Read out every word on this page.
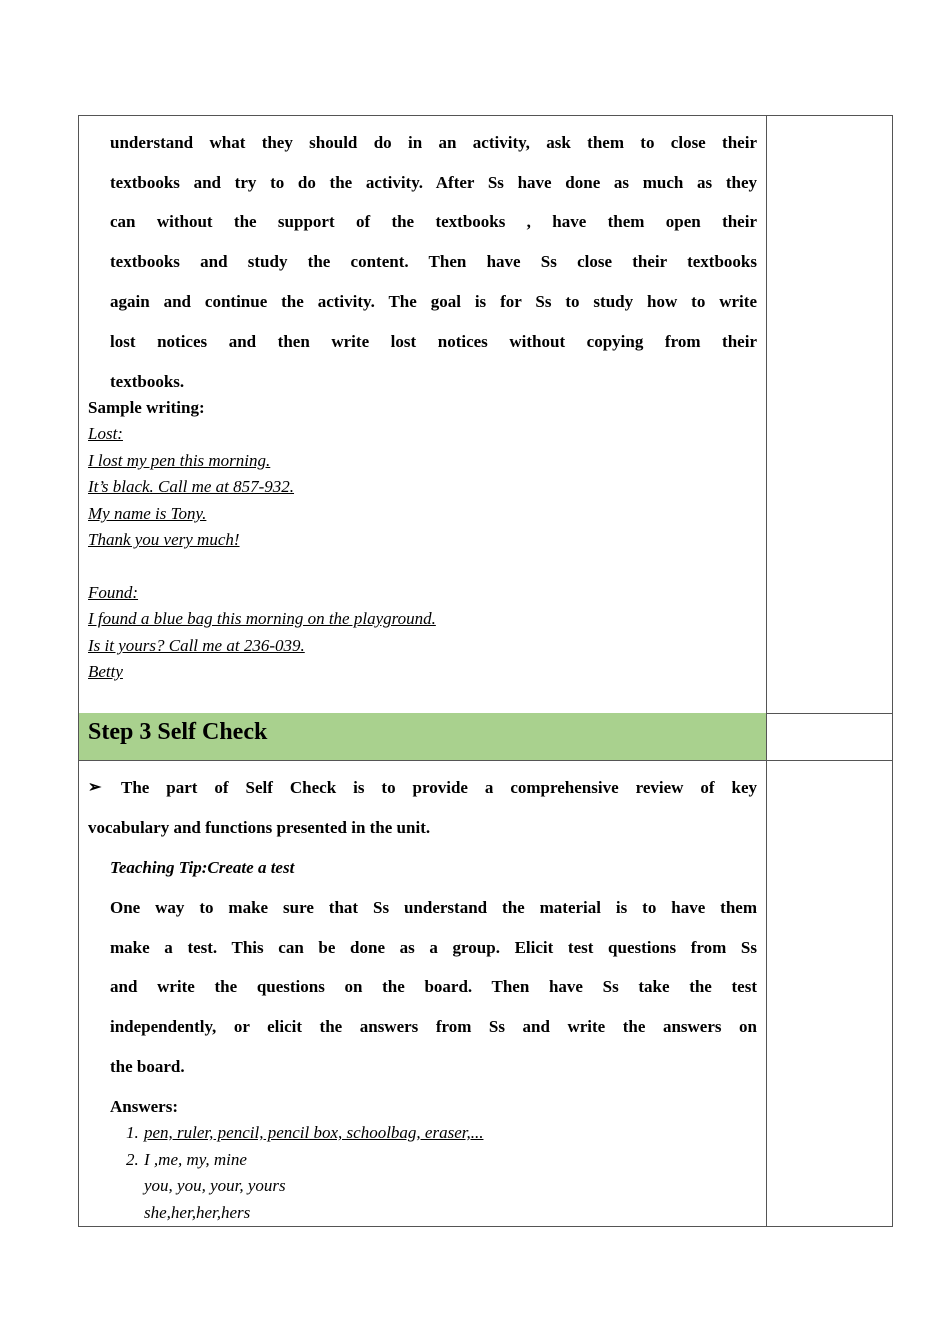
understand what they should do in an activity, ask them to close their
textbooks and try to do the activity. After Ss have done as much as they
can without the support of the textbooks , have them open their
textbooks and study the content. Then have Ss close their textbooks
again and continue the activity. The goal is for Ss to study how to write
lost notices and then write lost notices without copying from their
textbooks.
Sample writing:
Lost:
I lost my pen this morning.
It’s black. Call me at 857-932.
My name is Tony.
Thank you very much!
Found:
I found a blue bag this morning on the playground.
Is it yours? Call me at 236-039.
Betty
Step 3 Self Check
➢ The part of Self Check is to provide a comprehensive review of key
vocabulary and functions presented in the unit.
Teaching Tip:Create a test
One way to make sure that Ss understand the material is to have them
make a test. This can be done as a group. Elicit test questions from Ss
and write the questions on the board. Then have Ss take the test
independently, or elicit the answers from Ss and write the answers on
the board.
Answers:
1. pen, ruler, pencil, pencil box, schoolbag, eraser,...
2. I ,me, my, mine
you, you, your, yours
she,her,her,hers
